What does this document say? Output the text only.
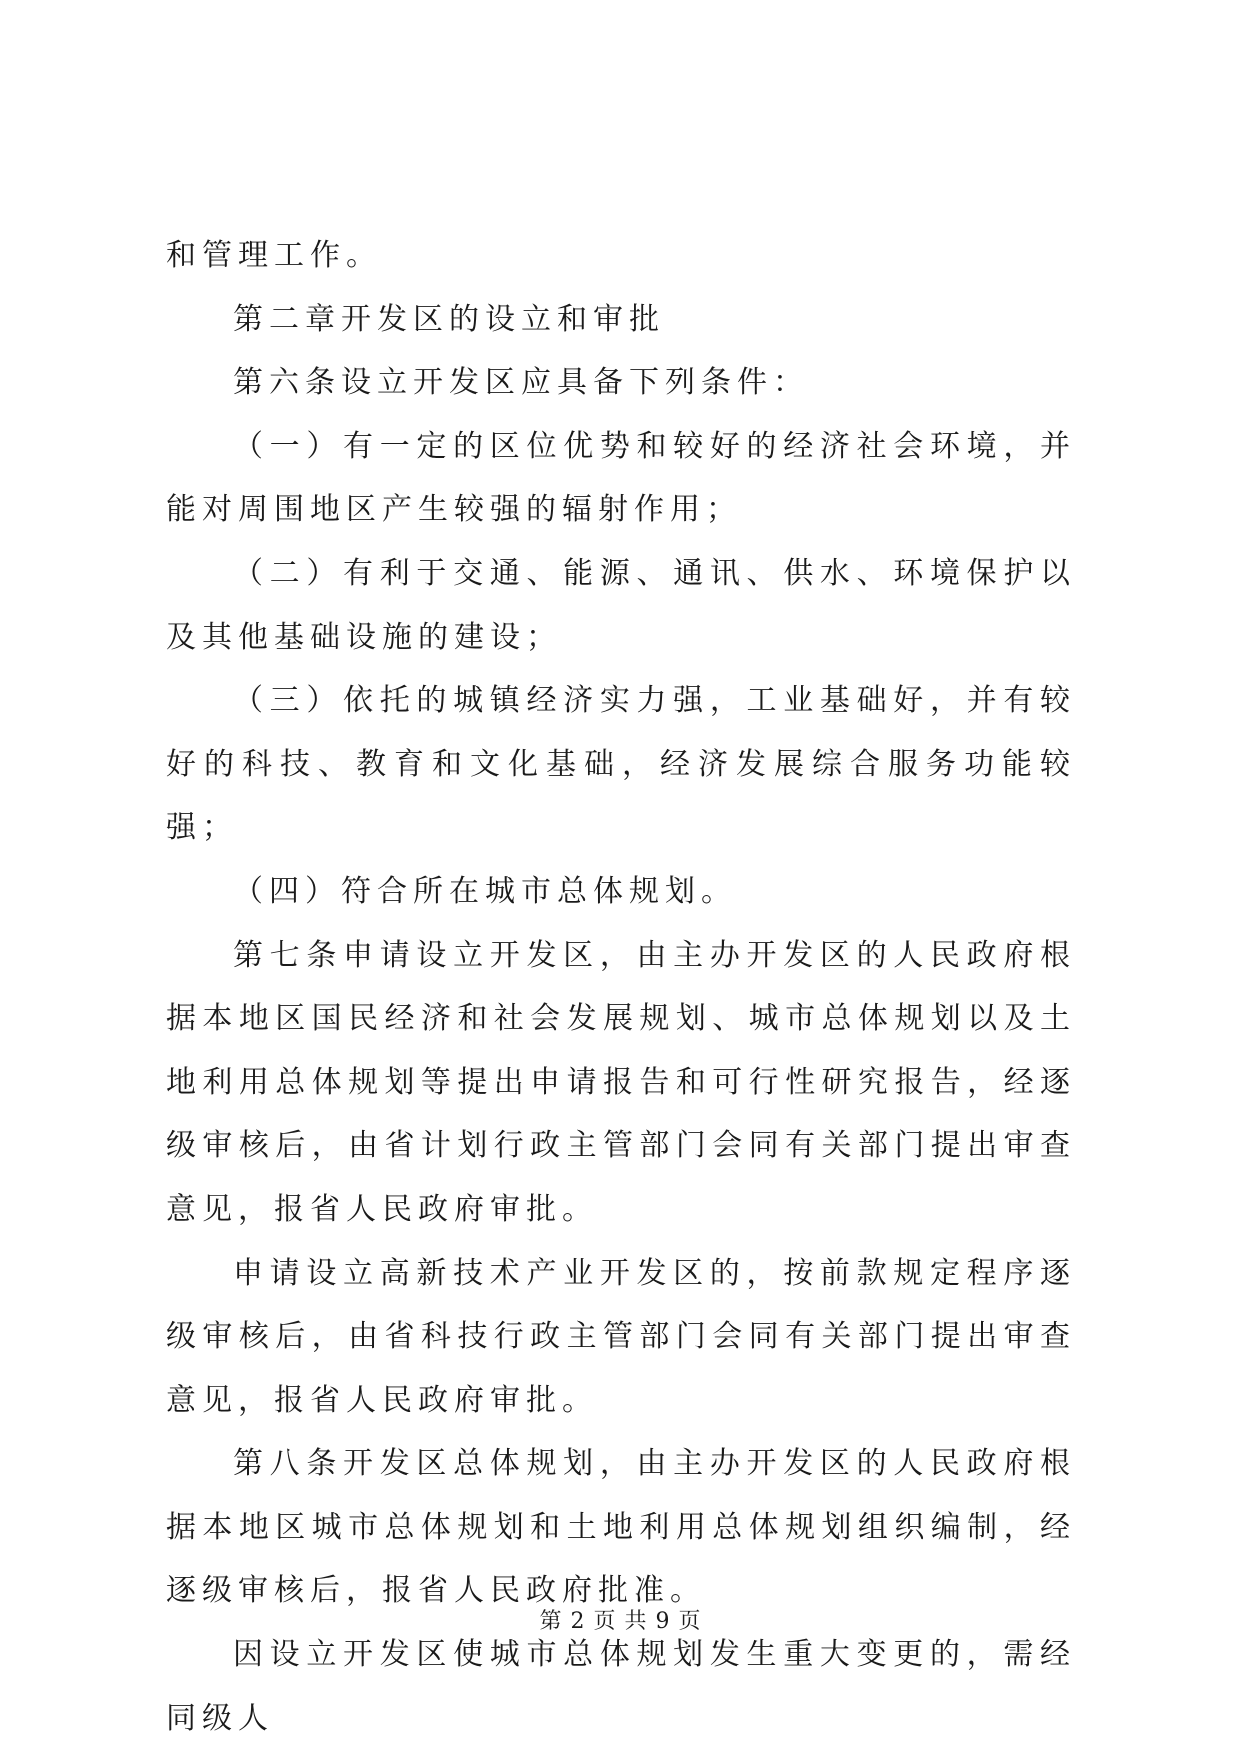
和管理工作。

第二章开发区的设立和审批

第六条设立开发区应具备下列条件：

（一）有一定的区位优势和较好的经济社会环境，并能对周围地区产生较强的辐射作用；

（二）有利于交通、能源、通讯、供水、环境保护以及其他基础设施的建设；

（三）依托的城镇经济实力强，工业基础好，并有较好的科技、教育和文化基础，经济发展综合服务功能较强；

（四）符合所在城市总体规划。

第七条申请设立开发区，由主办开发区的人民政府根据本地区国民经济和社会发展规划、城市总体规划以及土地利用总体规划等提出申请报告和可行性研究报告，经逐级审核后，由省计划行政主管部门会同有关部门提出审查意见，报省人民政府审批。

申请设立高新技术产业开发区的，按前款规定程序逐级审核后，由省科技行政主管部门会同有关部门提出审查意见，报省人民政府审批。

第八条开发区总体规划，由主办开发区的人民政府根据本地区城市总体规划和土地利用总体规划组织编制，经逐级审核后，报省人民政府批准。

因设立开发区使城市总体规划发生重大变更的，需经同级人

第 2 页 共 9 页
